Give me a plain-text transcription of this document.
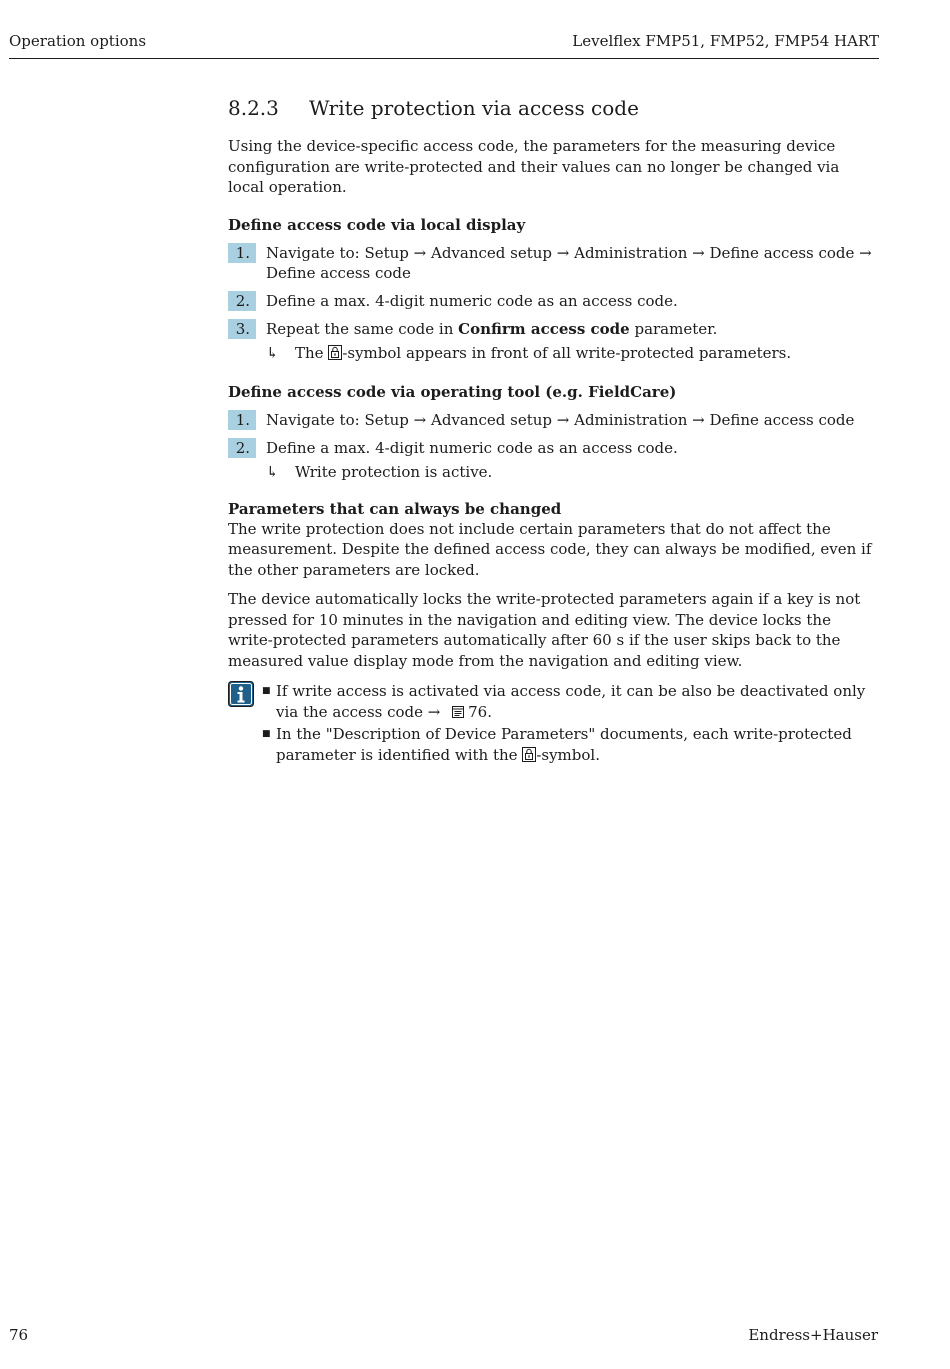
Operation options	Levelflex FMP51, FMP52, FMP54 HART
8.2.3	Write protection via access code

Using the device-specific access code, the parameters for the measuring device configuration are write-protected and their values can no longer be changed via local operation.

Define access code via local display
1.	Navigate to: Setup → Advanced setup → Administration → Define access code → Define access code
2.	Define a max. 4-digit numeric code as an access code.
3.	Repeat the same code in Confirm access code parameter.
↳	The -symbol appears in front of all write-protected parameters.
Define access code via operating tool (e.g. FieldCare)
1.	Navigate to: Setup → Advanced setup → Administration → Define access code
2.	Define a max. 4-digit numeric code as an access code.
↳	Write protection is active.
Parameters that can always be changed

The write protection does not include certain parameters that do not affect the measurement. Despite the defined access code, they can always be modified, even if the other parameters are locked.

The device automatically locks the write-protected parameters again if a key is not pressed for 10 minutes in the navigation and editing view. The device locks the write-protected parameters automatically after 60 s if the user skips back to the measured value display mode from the navigation and editing view.

■ If write access is activated via access code, it can be also be deactivated only via the access code → 76.
■ In the "Description of Device Parameters" documents, each write-protected parameter is identified with the -symbol.
76	Endress+Hauser
